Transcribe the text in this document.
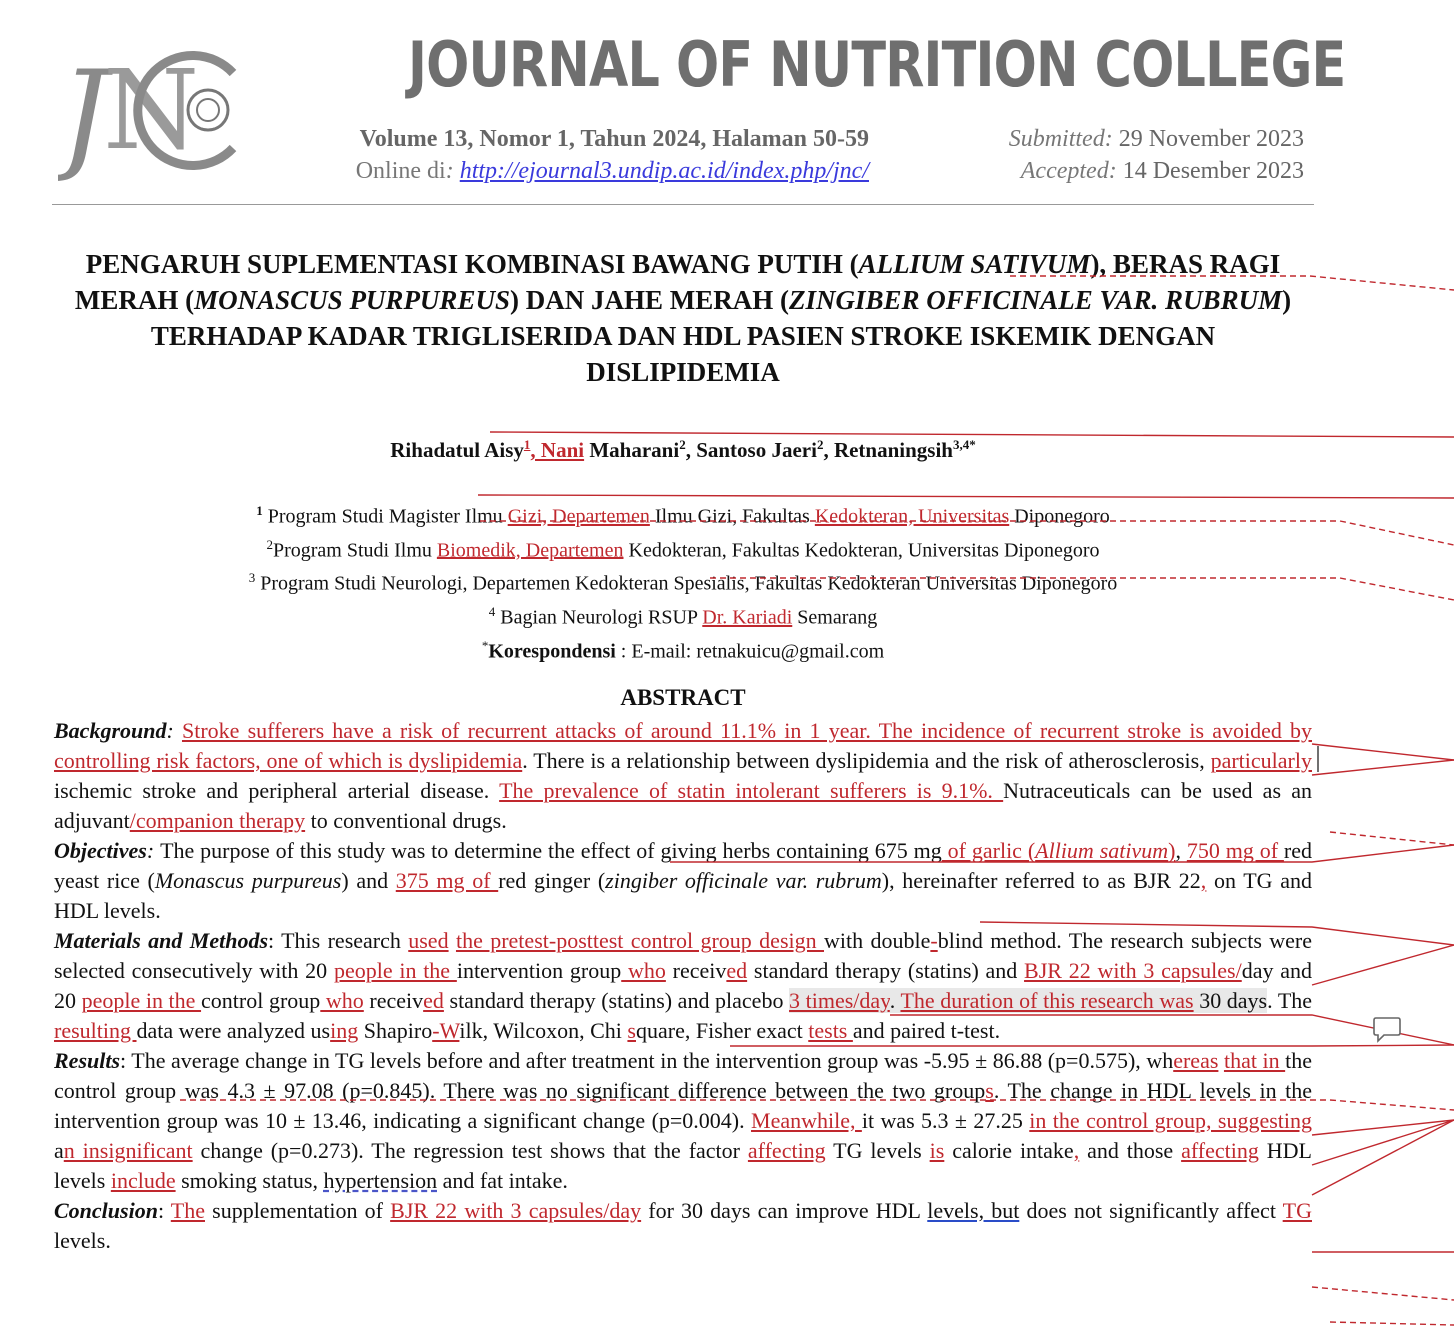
J
N	JOURNAL OF NUTRITION COLLEGE
Volume 13, Nomor 1, Tahun 2024, Halaman 50-59
Online di: http://ejournal3.undip.ac.id/index.php/jnc/
Submitted: 29 November 2023
Accepted: 14 Desember 2023
PENGARUH SUPLEMENTASI KOMBINASI BAWANG PUTIH (ALLIUM SATIVUM), BERAS RAGI MERAH (MONASCUS PURPUREUS) DAN JAHE MERAH (ZINGIBER OFFICINALE VAR. RUBRUM) TERHADAP KADAR TRIGLISERIDA DAN HDL PASIEN STROKE ISKEMIK DENGAN DISLIPIDEMIA
Rihadatul Aisy$^1$, Nani Maharani$^2$, Santoso Jaeri$^2$, Retnaningsih$^{3,4*}$
$^1$ Program Studi Magister Ilmu Gizi, Departemen Ilmu Gizi, Fakultas Kedokteran, Universitas Diponegoro
$^2$Program Studi Ilmu Biomedik, Departemen Kedokteran, Fakultas Kedokteran, Universitas Diponegoro
$^3$ Program Studi Neurologi, Departemen Kedokteran Spesialis, Fakultas Kedokteran Universitas Diponegoro
$^4$ Bagian Neurologi RSUP Dr. Kariadi Semarang
*Korespondensi : E-mail: retnakuicu@gmail.com
ABSTRACT

Background: Stroke sufferers have a risk of recurrent attacks of around 11.1% in 1 year. The incidence of recurrent stroke is avoided by controlling risk factors, one of which is dyslipidemia. There is a relationship between dyslipidemia and the risk of atherosclerosis, particularly ischemic stroke and peripheral arterial disease. The prevalence of statin intolerant sufferers is 9.1%. Nutraceuticals can be used as an adjuvant/companion therapy to conventional drugs.

Objectives: The purpose of this study was to determine the effect of giving herbs containing 675 mg of garlic (Allium sativum), 750 mg of red yeast rice (Monascus purpureus) and 375 mg of red ginger (zingiber officinale var. rubrum), hereinafter referred to as BJR 22, on TG and HDL levels.

Materials and Methods: This research used the pretest-posttest control group design with double-blind method. The research subjects were selected consecutively with 20 people in the intervention group who received standard therapy (statins) and BJR 22 with 3 capsules/day and 20 people in the control group who received standard therapy (statins) and placebo 3 times/day. The duration of this research was 30 days. The resulting data were analyzed using Shapiro-Wilk, Wilcoxon, Chi square, Fisher exact tests and paired t-test.

Results: The average change in TG levels before and after treatment in the intervention group was -5.95 ± 86.88 (p=0.575), whereas that in the control group was 4.3 ± 97.08 (p=0.845). There was no significant difference between the two groups. The change in HDL levels in the intervention group was 10 ± 13.46, indicating a significant change (p=0.004). Meanwhile, it was 5.3 ± 27.25 in the control group, suggesting an insignificant change (p=0.273). The regression test shows that the factor affecting TG levels is calorie intake, and those affecting HDL levels include smoking status, hypertension and fat intake.

Conclusion: The supplementation of BJR 22 with 3 capsules/day for 30 days can improve HDL levels, but does not significantly affect TG levels.
